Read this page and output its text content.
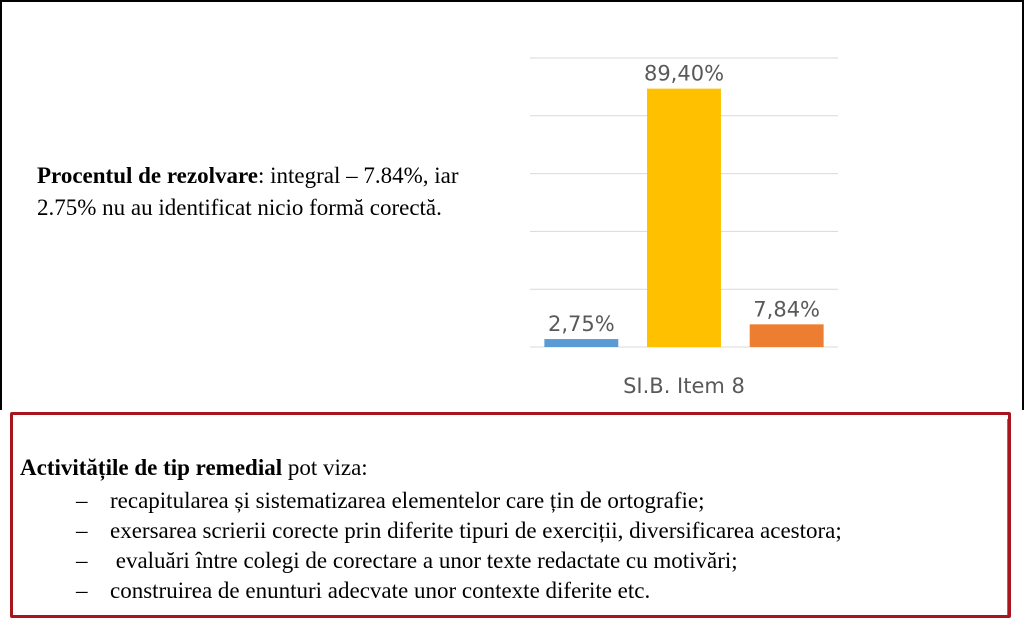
Procentul de rezolvare: integral – 7.84%, iar 2.75% nu au identificat nicio formă corectă.
2,75%
89,40%
7,84%
SI.B. Item 8
Activitățile de tip remedial pot viza:
– recapitularea și sistematizarea elementelor care țin de ortografie;
– exersarea scrierii corecte prin diferite tipuri de exerciții, diversificarea acestora;
– evaluări între colegi de corectare a unor texte redactate cu motivări;
– construirea de enunturi adecvate unor contexte diferite etc.
